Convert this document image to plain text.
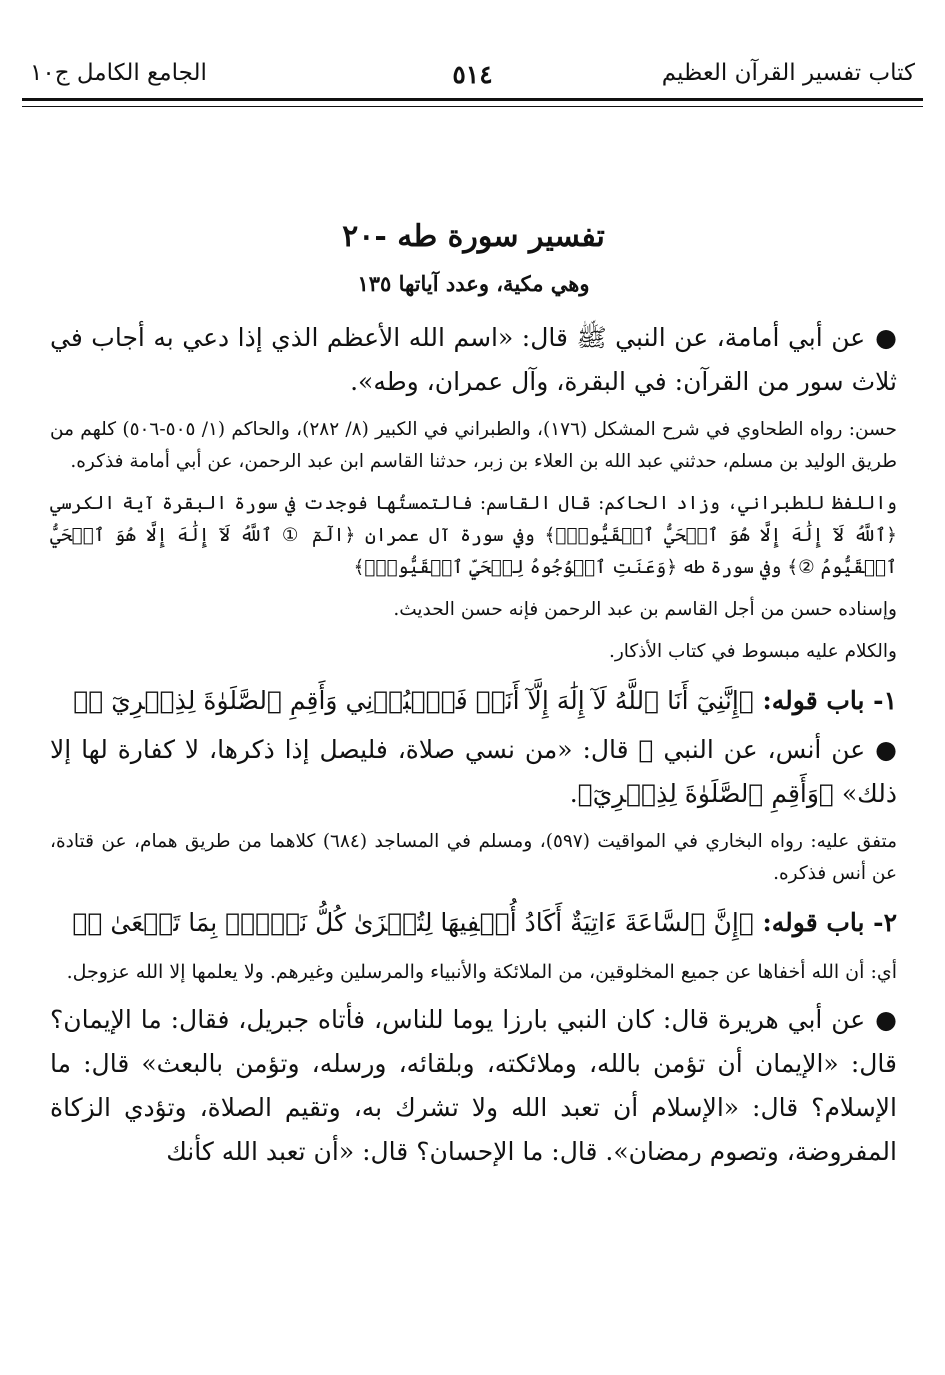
كتاب تفسير القرآن العظيم
٥١٤
الجامع الكامل ج١٠
تفسير سورة طه -٢٠
وهي مكية، وعدد آياتها ١٣٥

●عن أبي أمامة، عن النبي ﷺ قال: «اسم الله الأعظم الذي إذا دعي به أجاب في ثلاث سور من القرآن: في البقرة، وآل عمران، وطه».

حسن: رواه الطحاوي في شرح المشكل (١٧٦)، والطبراني في الكبير (٨/ ٢٨٢)، والحاكم (١/ ٥٠٥-٥٠٦) كلهم من طريق الوليد بن مسلم، حدثني عبد الله بن العلاء بن زبر، حدثنا القاسم ابن عبد الرحمن، عن أبي أمامة فذكره.

واللفظ للطبراني، وزاد الحاكم: قال القاسم: فالتمستُها فوجدت في سورة البقرة آية الكرسي ﴿ٱللَّهُ لَآ إِلَٰهَ إِلَّا هُوَ ٱلۡحَيُّ ٱلۡقَيُّومُۚ﴾ وفي سورة آل عمران ﴿الٓمٓ ① ٱللَّهُ لَآ إِلَٰهَ إِلَّا هُوَ ٱلۡحَيُّ ٱلۡقَيُّومُ ②﴾ وفي سورة طه ﴿وَعَنَتِ ٱلۡوُجُوهُ لِلۡحَيِّ ٱلۡقَيُّومِۖ﴾

وإسناده حسن من أجل القاسم بن عبد الرحمن فإنه حسن الحديث.

والكلام عليه مبسوط في كتاب الأذكار.

١- باب قوله: ﴿إِنَّنِيٓ أَنَا ٱللَّهُ لَآ إِلَٰهَ إِلَّآ أَنَا۠ فَٱعۡبُدۡنِي وَأَقِمِ ٱلصَّلَوٰةَ لِذِكۡرِيٓ ⑭﴾

●عن أنس، عن النبي ﷺ قال: «من نسي صلاة، فليصل إذا ذكرها، لا كفارة لها إلا ذلك» ﴿وَأَقِمِ ٱلصَّلَوٰةَ لِذِكۡرِيٓ﴾.

متفق عليه: رواه البخاري في المواقيت (٥٩٧)، ومسلم في المساجد (٦٨٤) كلاهما من طريق همام، عن قتادة، عن أنس فذكره.

٢- باب قوله: ﴿إِنَّ ٱلسَّاعَةَ ءَاتِيَةٌ أَكَادُ أُخۡفِيهَا لِتُجۡزَىٰ كُلُّ نَفۡسِۭ بِمَا تَسۡعَىٰ ⑮﴾

أي: أن الله أخفاها عن جميع المخلوقين، من الملائكة والأنبياء والمرسلين وغيرهم. ولا يعلمها إلا الله عزوجل.

●عن أبي هريرة قال: كان النبي بارزا يوما للناس، فأتاه جبريل، فقال: ما الإيمان؟ قال: «الإيمان أن تؤمن بالله، وملائكته، وبلقائه، ورسله، وتؤمن بالبعث» قال: ما الإسلام؟ قال: «الإسلام أن تعبد الله ولا تشرك به، وتقيم الصلاة، وتؤدي الزكاة المفروضة، وتصوم رمضان». قال: ما الإحسان؟ قال: «أن تعبد الله كأنك
